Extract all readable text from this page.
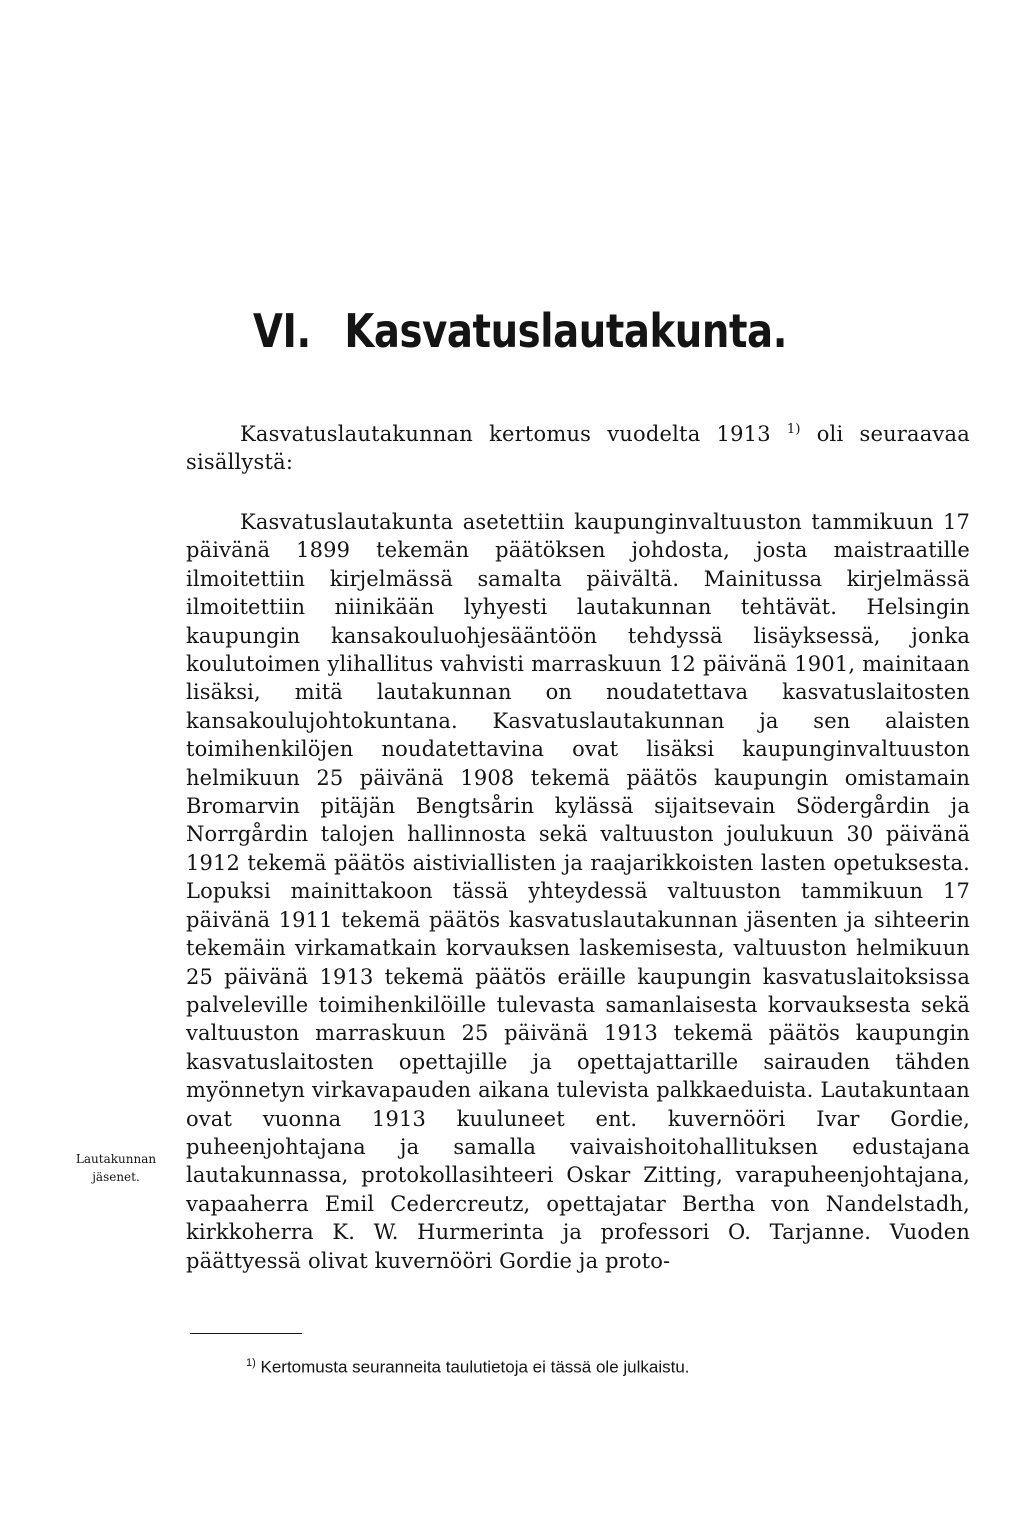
VI. Kasvatuslautakunta.

Kasvatuslautakunnan kertomus vuodelta 1913 $^{1)}$ oli seuraavaa sisällystä:

Kasvatuslautakunta asetettiin kaupunginvaltuuston tammikuun 17 päivänä 1899 tekemän päätöksen johdosta, josta maistraatille ilmoitettiin kirjelmässä samalta päivältä. Mainitussa kirjelmässä ilmoitettiin niinikään lyhyesti lautakunnan tehtävät. Helsingin kaupungin kansakouluohjesääntöön tehdyssä lisäyksessä, jonka koulutoimen ylihallitus vahvisti marraskuun 12 päivänä 1901, mainitaan lisäksi, mitä lautakunnan on noudatettava kasvatuslaitosten kansakoulujohtokuntana. Kasvatuslautakunnan ja sen alaisten toimihenkilöjen noudatettavina ovat lisäksi kaupunginvaltuuston helmikuun 25 päivänä 1908 tekemä päätös kaupungin omistamain Bromarvin pitäjän Bengtsårin kylässä sijaitsevain Södergårdin ja Norrgårdin talojen hallinnosta sekä valtuuston joulukuun 30 päivänä 1912 tekemä päätös aistiviallisten ja raajarikkoisten lasten opetuksesta. Lopuksi mainittakoon tässä yhteydessä valtuuston tammikuun 17 päivänä 1911 tekemä päätös kasvatuslautakunnan jäsenten ja sihteerin tekemäin virkamatkain korvauksen laskemisesta, valtuuston helmikuun 25 päivänä 1913 tekemä päätös eräille kaupungin kasvatuslaitoksissa palveleville toimihenkilöille tulevasta samanlaisesta korvauksesta sekä valtuuston marraskuun 25 päivänä 1913 tekemä päätös kaupungin kasvatuslaitosten opettajille ja opettajattarille sairauden tähden myönnetyn virkavapauden aikana tulevista palkkaeduista. Lautakuntaan ovat vuonna 1913 kuuluneet ent. kuvernööri Ivar Gordie, puheenjohtajana ja samalla vaivaishoitohallituksen edustajana lautakunnassa, protokollasihteeri Oskar Zitting, varapuheenjohtajana, vapaaherra Emil Cedercreutz, opettajatar Bertha von Nandelstadh, kirkkoherra K. W. Hurmerinta ja professori O. Tarjanne. Vuoden päättyessä olivat kuvernööri Gordie ja proto-

Lautakunnan
jäsenet.

$^{1)}$ Kertomusta seuranneita taulutietoja ei tässä ole julkaistu.
